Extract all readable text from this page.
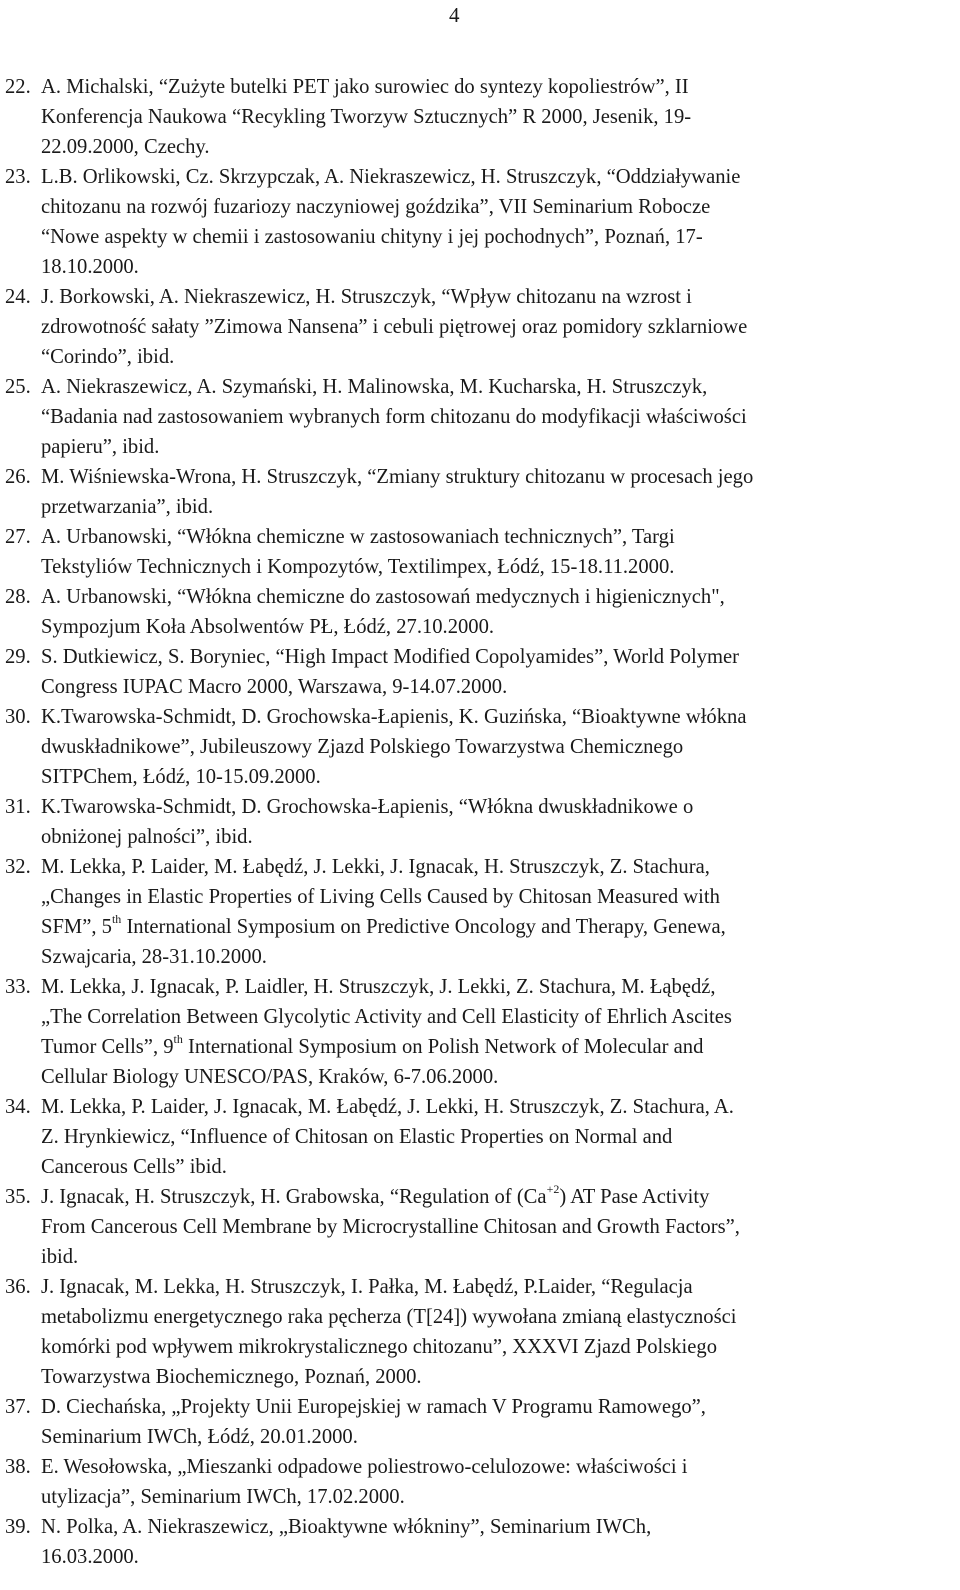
4
22. A. Michalski, “Zużyte butelki PET jako surowiec do syntezy kopoliestrów”, II
Konferencja Naukowa “Recykling Tworzyw Sztucznych” R 2000, Jesenik, 19-
22.09.2000, Czechy.
23. L.B. Orlikowski, Cz. Skrzypczak, A. Niekraszewicz, H. Struszczyk, “Oddziaływanie
chitozanu na rozwój fuzariozy naczyniowej goździka”, VII Seminarium Robocze
“Nowe aspekty w chemii i zastosowaniu chityny i jej pochodnych”, Poznań, 17-
18.10.2000.
24. J. Borkowski, A. Niekraszewicz, H. Struszczyk, “Wpływ chitozanu na wzrost i
zdrowotność sałaty ”Zimowa Nansena” i cebuli piętrowej oraz pomidory szklarniowe
“Corindo”, ibid.
25. A. Niekraszewicz, A. Szymański, H. Malinowska, M. Kucharska, H. Struszczyk,
“Badania nad zastosowaniem wybranych form chitozanu do modyfikacji właściwości
papieru”, ibid.
26. M. Wiśniewska-Wrona, H. Struszczyk, “Zmiany struktury chitozanu w procesach jego
przetwarzania”, ibid.
27. A. Urbanowski, “Włókna chemiczne w zastosowaniach technicznych”, Targi
Tekstyliów Technicznych i Kompozytów, Textilimpex, Łódź, 15-18.11.2000.
28. A. Urbanowski, “Włókna chemiczne do zastosowań medycznych i higienicznych",
Sympozjum Koła Absolwentów PŁ, Łódź, 27.10.2000.
29. S. Dutkiewicz, S. Boryniec, “High Impact Modified Copolyamides”, World Polymer
Congress IUPAC Macro 2000, Warszawa, 9-14.07.2000.
30. K.Twarowska-Schmidt, D. Grochowska-Łapienis, K. Guzińska, “Bioaktywne włókna
dwuskładnikowe”, Jubileuszowy Zjazd Polskiego Towarzystwa Chemicznego
SITPChem, Łódź, 10-15.09.2000.
31. K.Twarowska-Schmidt, D. Grochowska-Łapienis, “Włókna dwuskładnikowe o
obniżonej palności”, ibid.
32. M. Lekka, P. Laider, M. Łabędź, J. Lekki, J. Ignacak, H. Struszczyk, Z. Stachura,
„Changes in Elastic Properties of Living Cells Caused by Chitosan Measured with
SFM”, 5th International Symposium on Predictive Oncology and Therapy, Genewa,
Szwajcaria, 28-31.10.2000.
33. M. Lekka, J. Ignacak, P. Laidler, H. Struszczyk, J. Lekki, Z. Stachura, M. Łąbędź,
„The Correlation Between Glycolytic Activity and Cell Elasticity of Ehrlich Ascites
Tumor Cells”, 9th International Symposium on Polish Network of Molecular and
Cellular Biology UNESCO/PAS, Kraków, 6-7.06.2000.
34. M. Lekka, P. Laider, J. Ignacak, M. Łabędź, J. Lekki, H. Struszczyk, Z. Stachura, A.
Z. Hrynkiewicz, “Influence of Chitosan on Elastic Properties on Normal and
Cancerous Cells” ibid.
35. J. Ignacak, H. Struszczyk, H. Grabowska, “Regulation of $(Ca^{+2})$ AT Pase Activity
From Cancerous Cell Membrane by Microcrystalline Chitosan and Growth Factors”,
ibid.
36. J. Ignacak, M. Lekka, H. Struszczyk, I. Pałka, M. Łabędź, P.Laider, “Regulacja
metabolizmu energetycznego raka pęcherza (T[24]) wywołana zmianą elastyczności
komórki pod wpływem mikrokrystalicznego chitozanu”, XXXVI Zjazd Polskiego
Towarzystwa Biochemicznego, Poznań, 2000.
37. D. Ciechańska, „Projekty Unii Europejskiej w ramach V Programu Ramowego”,
Seminarium IWCh, Łódź, 20.01.2000.
38. E. Wesołowska, „Mieszanki odpadowe poliestrowo-celulozowe: właściwości i
utylizacja”, Seminarium IWCh, 17.02.2000.
39. N. Polka, A. Niekraszewicz, „Bioaktywne włókniny”, Seminarium IWCh,
16.03.2000.
